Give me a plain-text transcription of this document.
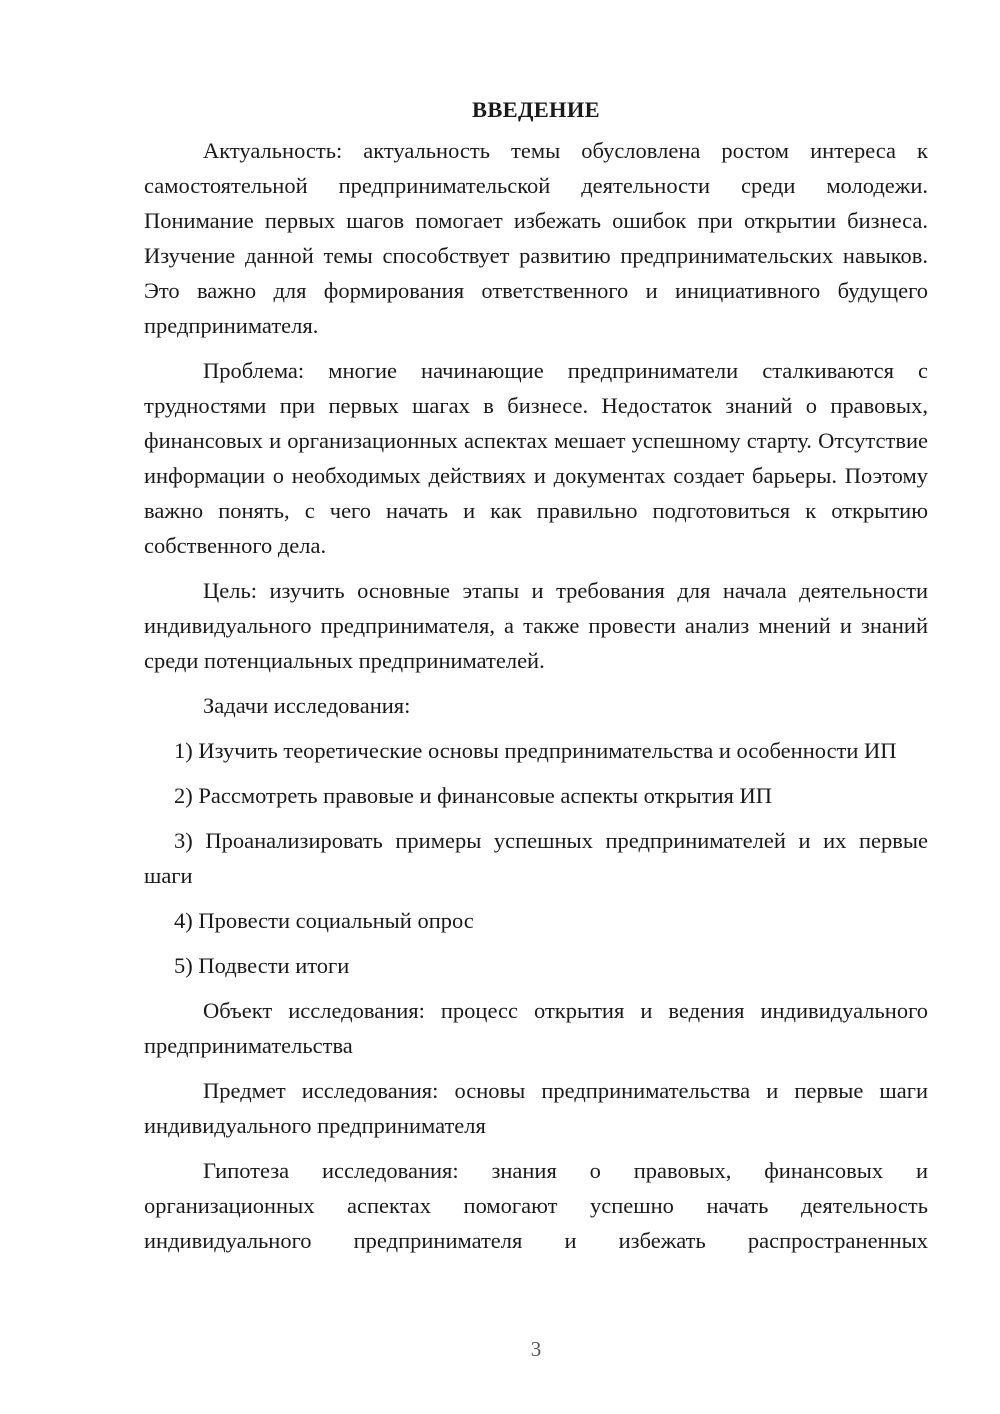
ВВЕДЕНИЕ

Актуальность: актуальность темы обусловлена ростом интереса к самостоятельной предпринимательской деятельности среди молодежи. Понимание первых шагов помогает избежать ошибок при открытии бизнеса. Изучение данной темы способствует развитию предпринимательских навыков. Это важно для формирования ответственного и инициативного будущего предпринимателя.

Проблема: многие начинающие предприниматели сталкиваются с трудностями при первых шагах в бизнесе. Недостаток знаний о правовых, финансовых и организационных аспектах мешает успешному старту. Отсутствие информации о необходимых действиях и документах создает барьеры. Поэтому важно понять, с чего начать и как правильно подготовиться к открытию собственного дела.

Цель: изучить основные этапы и требования для начала деятельности индивидуального предпринимателя, а также провести анализ мнений и знаний среди потенциальных предпринимателей.

Задачи исследования:

1) Изучить теоретические основы предпринимательства и особенности ИП

2) Рассмотреть правовые и финансовые аспекты открытия ИП

3) Проанализировать примеры успешных предпринимателей и их первые шаги

4) Провести социальный опрос

5) Подвести итоги

Объект исследования: процесс открытия и ведения индивидуального предпринимательства

Предмет исследования: основы предпринимательства и первые шаги индивидуального предпринимателя

Гипотеза исследования: знания о правовых, финансовых и организационных аспектах помогают успешно начать деятельность индивидуального предпринимателя и избежать распространенных

3
